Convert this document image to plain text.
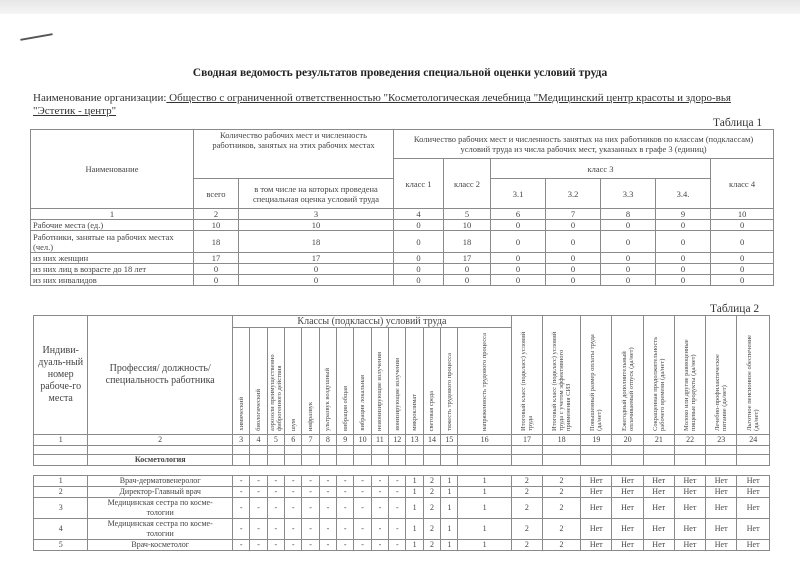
Сводная ведомость результатов проведения специальной оценки условий труда
Наименование организации: Общество с ограниченной ответственностью "Косметологическая лечебница "Медицинский центр красоты и здоро-вья "Эстетик - центр"
Таблица 1
Наименование	Количество рабочих мест и численность работников, занятых на этих рабочих местах		Количество рабочих мест и численность занятых на них работников по классам (подклассам) условий труда из числа рабочих мест, указанных в графе 3 (единиц)						
			класс 1	класс 2	класс 3				класс 4
	всего	в том числе на которых проведена специальная оценка условий труда			3.1	3.2	3.3	3.4.	
1	2	3	4	5	6	7	8	9	10
Рабочие места (ед.)	10	10	0	10	0	0	0	0	0
Работники, занятые на рабочих местах (чел.)	18	18	0	18	0	0	0	0	0
из них женщин	17	17	0	17	0	0	0	0	0
из них лиц в возрасте до 18 лет	0	0	0	0	0	0	0	0	0
из них инвалидов	0	0	0	0	0	0	0	0	0
Таблица 2
Индиви-дуаль-ный номер рабоче-го места	Профессия/ должность/ специальность работника	Классы (подклассы) условий труда														Итоговый класс (подкласс) условий труда	Итоговый класс (подкласс) условий труда с учетом эффективного применения СИЗ	Повышенный размер оплаты труда (да/нет)	Ежегодный дополнительный оплачиваемый отпуск (да/нет)	Сокращенная продолжительность рабочего времени (да/нет)	Молоко или другие равноценные пищевые продукты (да/нет)	Лечебно-профилактическое питание (да/нет)	Льготное пенсионное обеспечение (да/нет)
		химический	биологический	аэрозоли преимущественно фиброгенного действия	шум	инфразвук	ультразвук воздушный	вибрация общая	вибрация локальная	неионизирующие излучения	ионизирующие излучения	микроклимат	световая среда	тяжесть трудового процесса	напряженность трудового процесса								
1	2	3	4	5	6	7	8	9	10	11	12	13	14	15	16	17	18	19	20	21	22	23	24

	Косметология																						
1	Врач-дерматовенеролог	-	-	-	-	-	-	-	-	-	-	1	2	1	1	2	2	Нет	Нет	Нет	Нет	Нет	Нет
2	Директор-Главный врач	-	-	-	-	-	-	-	-	-	-	1	2	1	1	2	2	Нет	Нет	Нет	Нет	Нет	Нет
3	Медицинская сестра по косме-тологии	-	-	-	-	-	-	-	-	-	-	1	2	1	1	2	2	Нет	Нет	Нет	Нет	Нет	Нет
4	Медицинская сестра по косме-тологии	-	-	-	-	-	-	-	-	-	-	1	2	1	1	2	2	Нет	Нет	Нет	Нет	Нет	Нет
5	Врач-косметолог	-	-	-	-	-	-	-	-	-	-	1	2	1	1	2	2	Нет	Нет	Нет	Нет	Нет	Нет
